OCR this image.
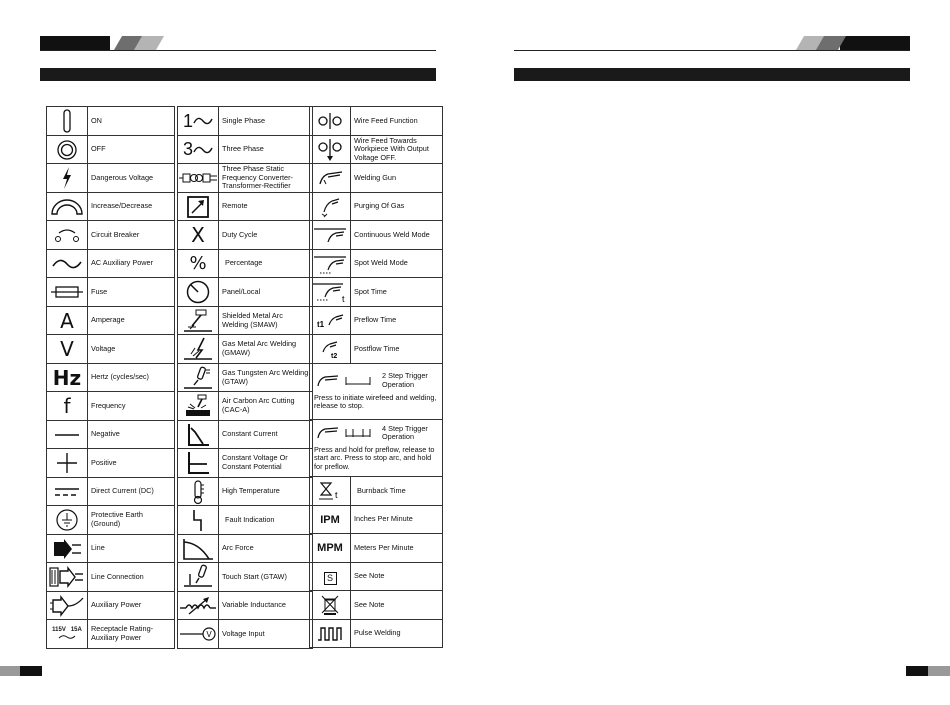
	ON

	OFF

	Dangerous Voltage

	Increase/Decrease

	Circuit Breaker

	AC Auxiliary Power

	Fuse
A	Amperage
V	Voltage
Hz	Hertz (cycles/sec)
f	Frequency

	Negative

	Positive

	Direct Current (DC)

	Protective Earth (Ground)

	Line

	Line Connection

	Auxiliary Power

115V   15A	Receptacle Rating-Auxiliary Power
1	Single Phase
3	Three Phase

	Three Phase Static Frequency Converter-Transformer-Rectifier

	Remote
X	Duty Cycle
%	Percentage

	Panel/Local

	Shielded Metal Arc Welding (SMAW)

	Gas Metal Arc Welding (GMAW)

	Gas Tungsten Arc Welding (GTAW)

	Air Carbon Arc Cutting (CAC-A)

	Constant Current

	Constant Voltage Or Constant Potential

	High Temperature

	Fault Indication

	Arc Force

	Touch Start (GTAW)

	Variable Inductance

V	Voltage Input
	Wire Feed Function

	Wire Feed Towards Workpiece With Output Voltage OFF.

	Welding Gun

	Purging Of Gas

	Continuous Weld Mode

	Spot Weld Mode

t	Spot Time

t1	Preflow Time

t2	Postflow Time

2 Step Trigger Operation
Press to initiate wirefeed and welding, release to stop.	

4 Step Trigger Operation
Press and hold for preflow, release to start arc. Press to stop arc, and hold for preflow.	

t	Burnback Time
IPM	Inches Per Minute
MPM	Meters Per Minute
S	See Note

	See Note

	Pulse Welding
